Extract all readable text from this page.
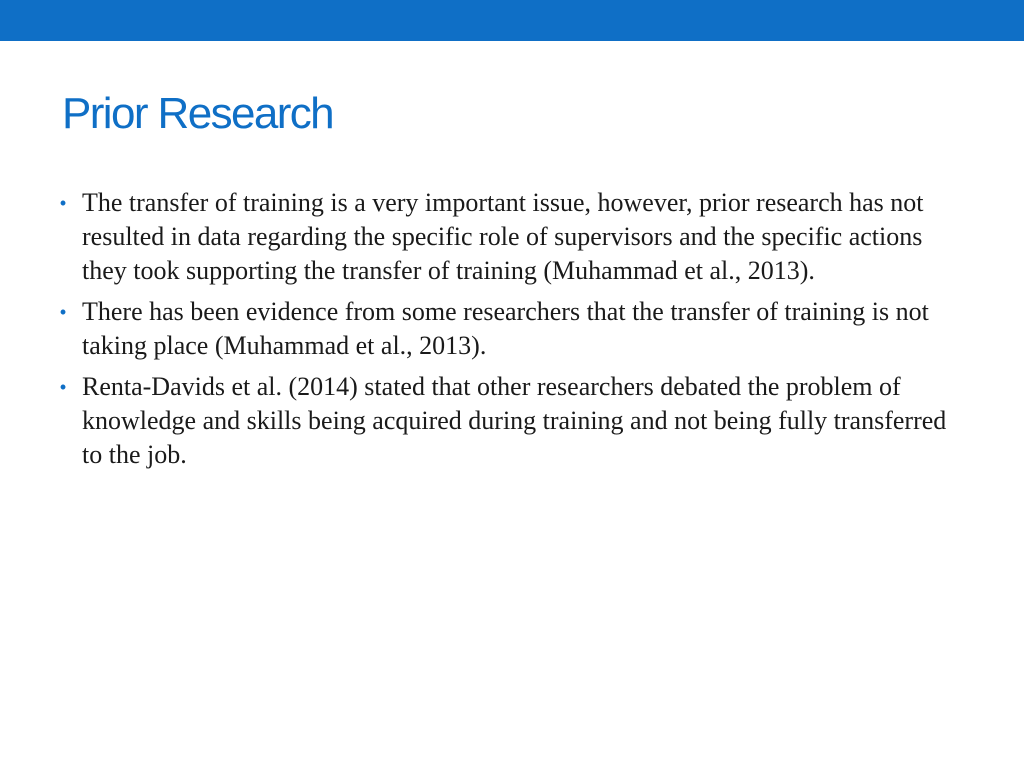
Prior Research
• The transfer of training is a very important issue, however, prior research has not resulted in data regarding the specific role of supervisors and the specific actions they took supporting the transfer of training (Muhammad et al., 2013).
• There has been evidence from some researchers that the transfer of training is not taking place (Muhammad et al., 2013).
• Renta-Davids et al. (2014) stated that other researchers debated the problem of knowledge and skills being acquired during training and not being fully transferred to the job.
